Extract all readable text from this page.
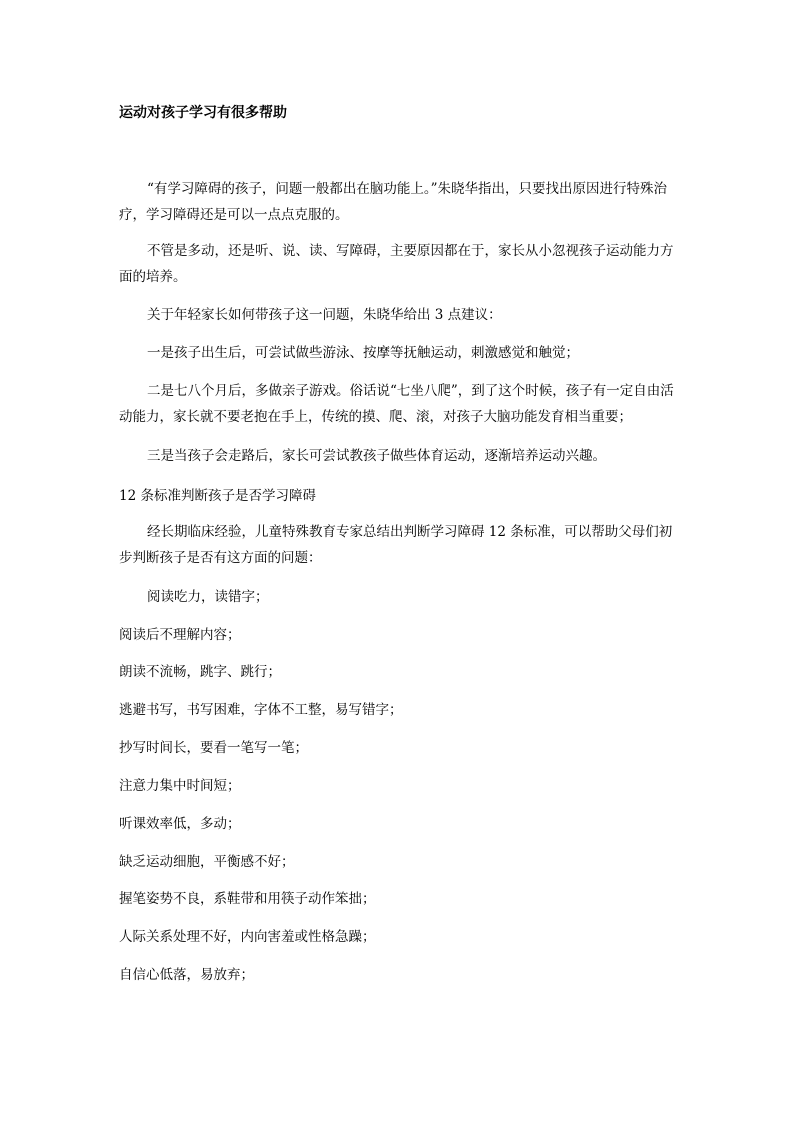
运动对孩子学习有很多帮助

“有学习障碍的孩子，问题一般都出在脑功能上。”朱晓华指出，只要找出原因进行特殊治疗，学习障碍还是可以一点点克服的。

不管是多动，还是听、说、读、写障碍，主要原因都在于，家长从小忽视孩子运动能力方面的培养。

关于年轻家长如何带孩子这一问题，朱晓华给出 3 点建议：

一是孩子出生后，可尝试做些游泳、按摩等抚触运动，刺激感觉和触觉；

二是七八个月后，多做亲子游戏。俗话说“七坐八爬”，到了这个时候，孩子有一定自由活动能力，家长就不要老抱在手上，传统的摸、爬、滚，对孩子大脑功能发育相当重要；

三是当孩子会走路后，家长可尝试教孩子做些体育运动，逐渐培养运动兴趣。

12 条标准判断孩子是否学习障碍

经长期临床经验，儿童特殊教育专家总结出判断学习障碍 12 条标准，可以帮助父母们初步判断孩子是否有这方面的问题：

阅读吃力，读错字；

阅读后不理解内容；

朗读不流畅，跳字、跳行；

逃避书写，书写困难，字体不工整，易写错字；

抄写时间长，要看一笔写一笔；

注意力集中时间短；

听课效率低，多动；

缺乏运动细胞，平衡感不好；

握笔姿势不良，系鞋带和用筷子动作笨拙；

人际关系处理不好，内向害羞或性格急躁；

自信心低落，易放弃；
